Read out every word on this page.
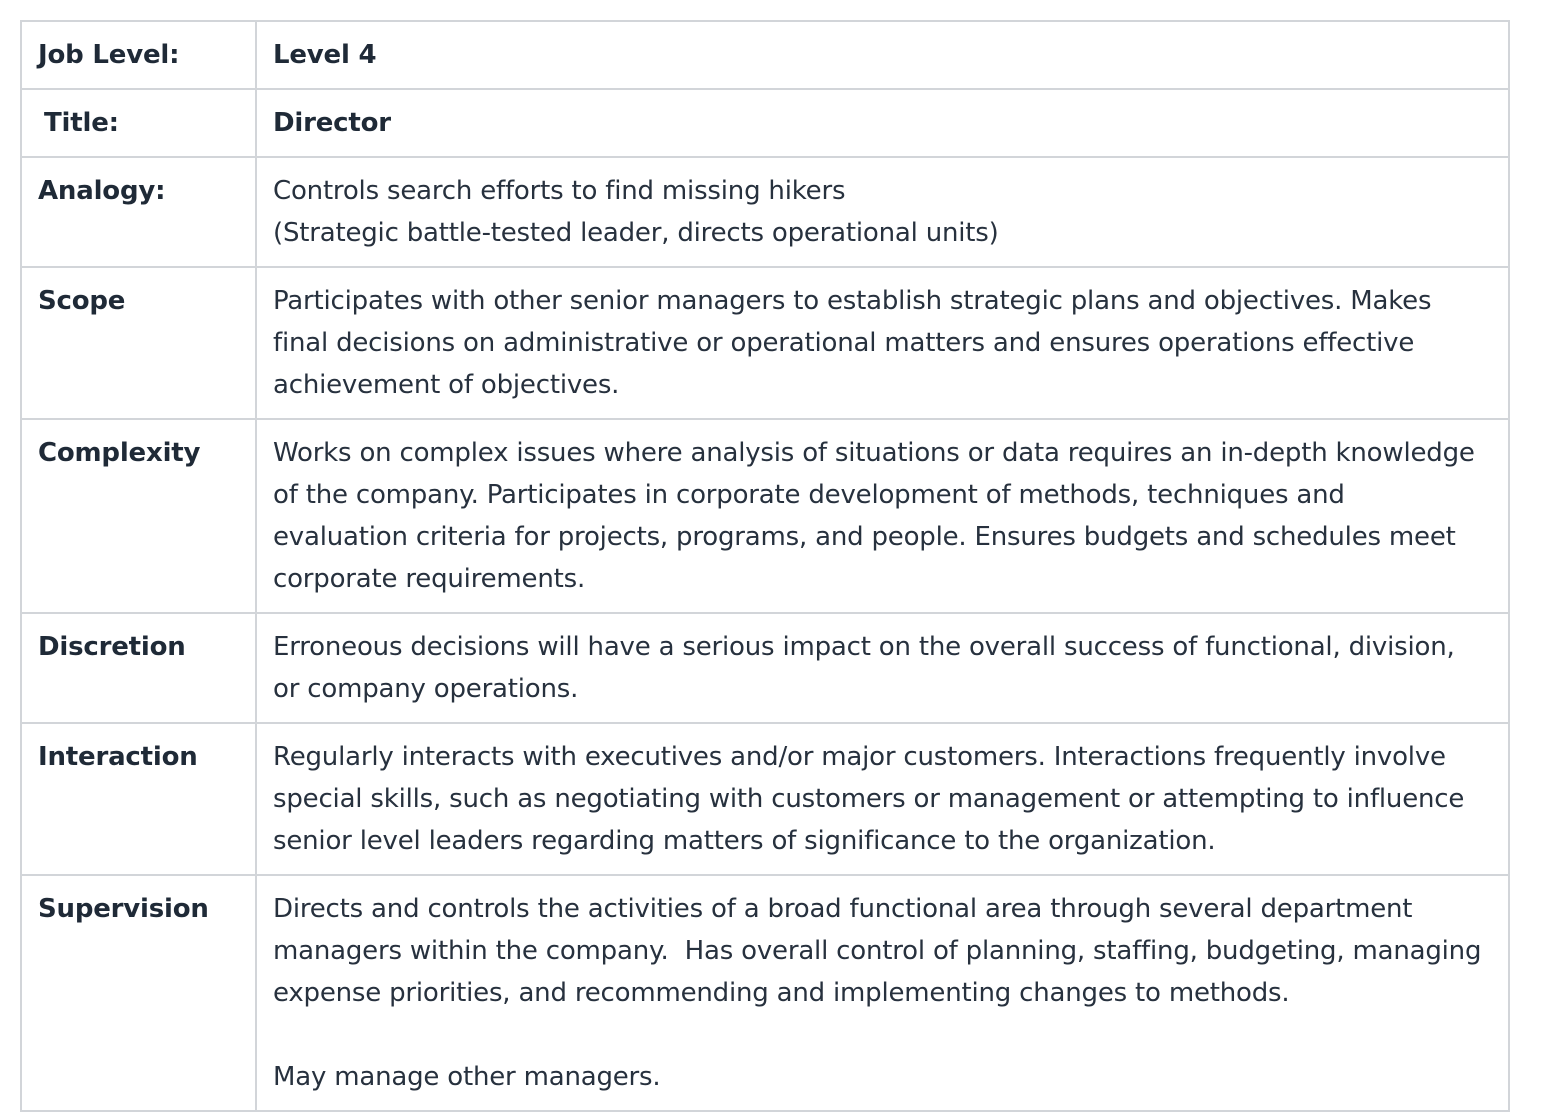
Job Level:	Level 4
Title:	Director
Analogy:	Controls search efforts to find missing hikers
(Strategic battle-tested leader, directs operational units)

Scope	Participates with other senior managers to establish strategic plans and objectives. Makes final decisions on administrative or operational matters and ensures operations effective achievement of objectives.
Complexity	Works on complex issues where analysis of situations or data requires an in-depth knowledge of the company. Participates in corporate development of methods, techniques and evaluation criteria for projects, programs, and people. Ensures budgets and schedules meet corporate requirements.
Discretion	Erroneous decisions will have a serious impact on the overall success of functional, division, or company operations.
Interaction	Regularly interacts with executives and/or major customers. Interactions frequently involve special skills, such as negotiating with customers or management or attempting to influence senior level leaders regarding matters of significance to the organization.
Supervision	Directs and controls the activities of a broad functional area through several department managers within the company.  Has overall control of planning, staffing, budgeting, managing expense priorities, and recommending and implementing changes to methods.
May manage other managers.
